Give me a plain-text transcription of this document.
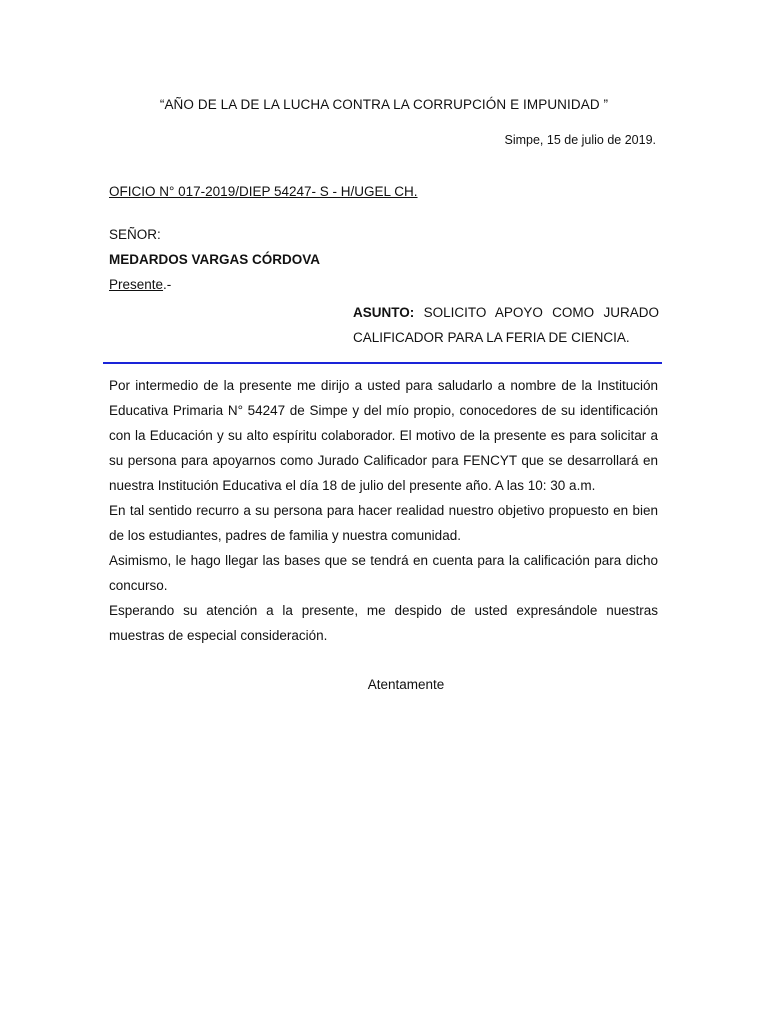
“AÑO DE LA DE LA LUCHA CONTRA LA CORRUPCIÓN E IMPUNIDAD ”
Simpe, 15 de julio de 2019.
OFICIO N° 017-2019/DIEP 54247- S - H/UGEL CH.
SEÑOR:
MEDARDOS VARGAS CÓRDOVA
Presente.-
ASUNTO: SOLICITO APOYO COMO JURADO
CALIFICADOR PARA LA FERIA DE CIENCIA.

Por intermedio de la presente me dirijo a usted para saludarlo a nombre de la Institución Educativa Primaria N° 54247 de Simpe y del mío propio, conocedores de su identificación con la Educación y su alto espíritu colaborador. El motivo de la presente es para solicitar a su persona para apoyarnos como Jurado Calificador para FENCYT que se desarrollará en nuestra Institución Educativa el día 18 de julio del presente año. A las 10: 30 a.m.

En tal sentido recurro a su persona para hacer realidad nuestro objetivo propuesto en bien de los estudiantes, padres de familia y nuestra comunidad.

Asimismo, le hago llegar las bases que se tendrá en cuenta para la calificación para dicho concurso.

Esperando su atención a la presente, me despido de usted expresándole nuestras muestras de especial consideración.

Atentamente
